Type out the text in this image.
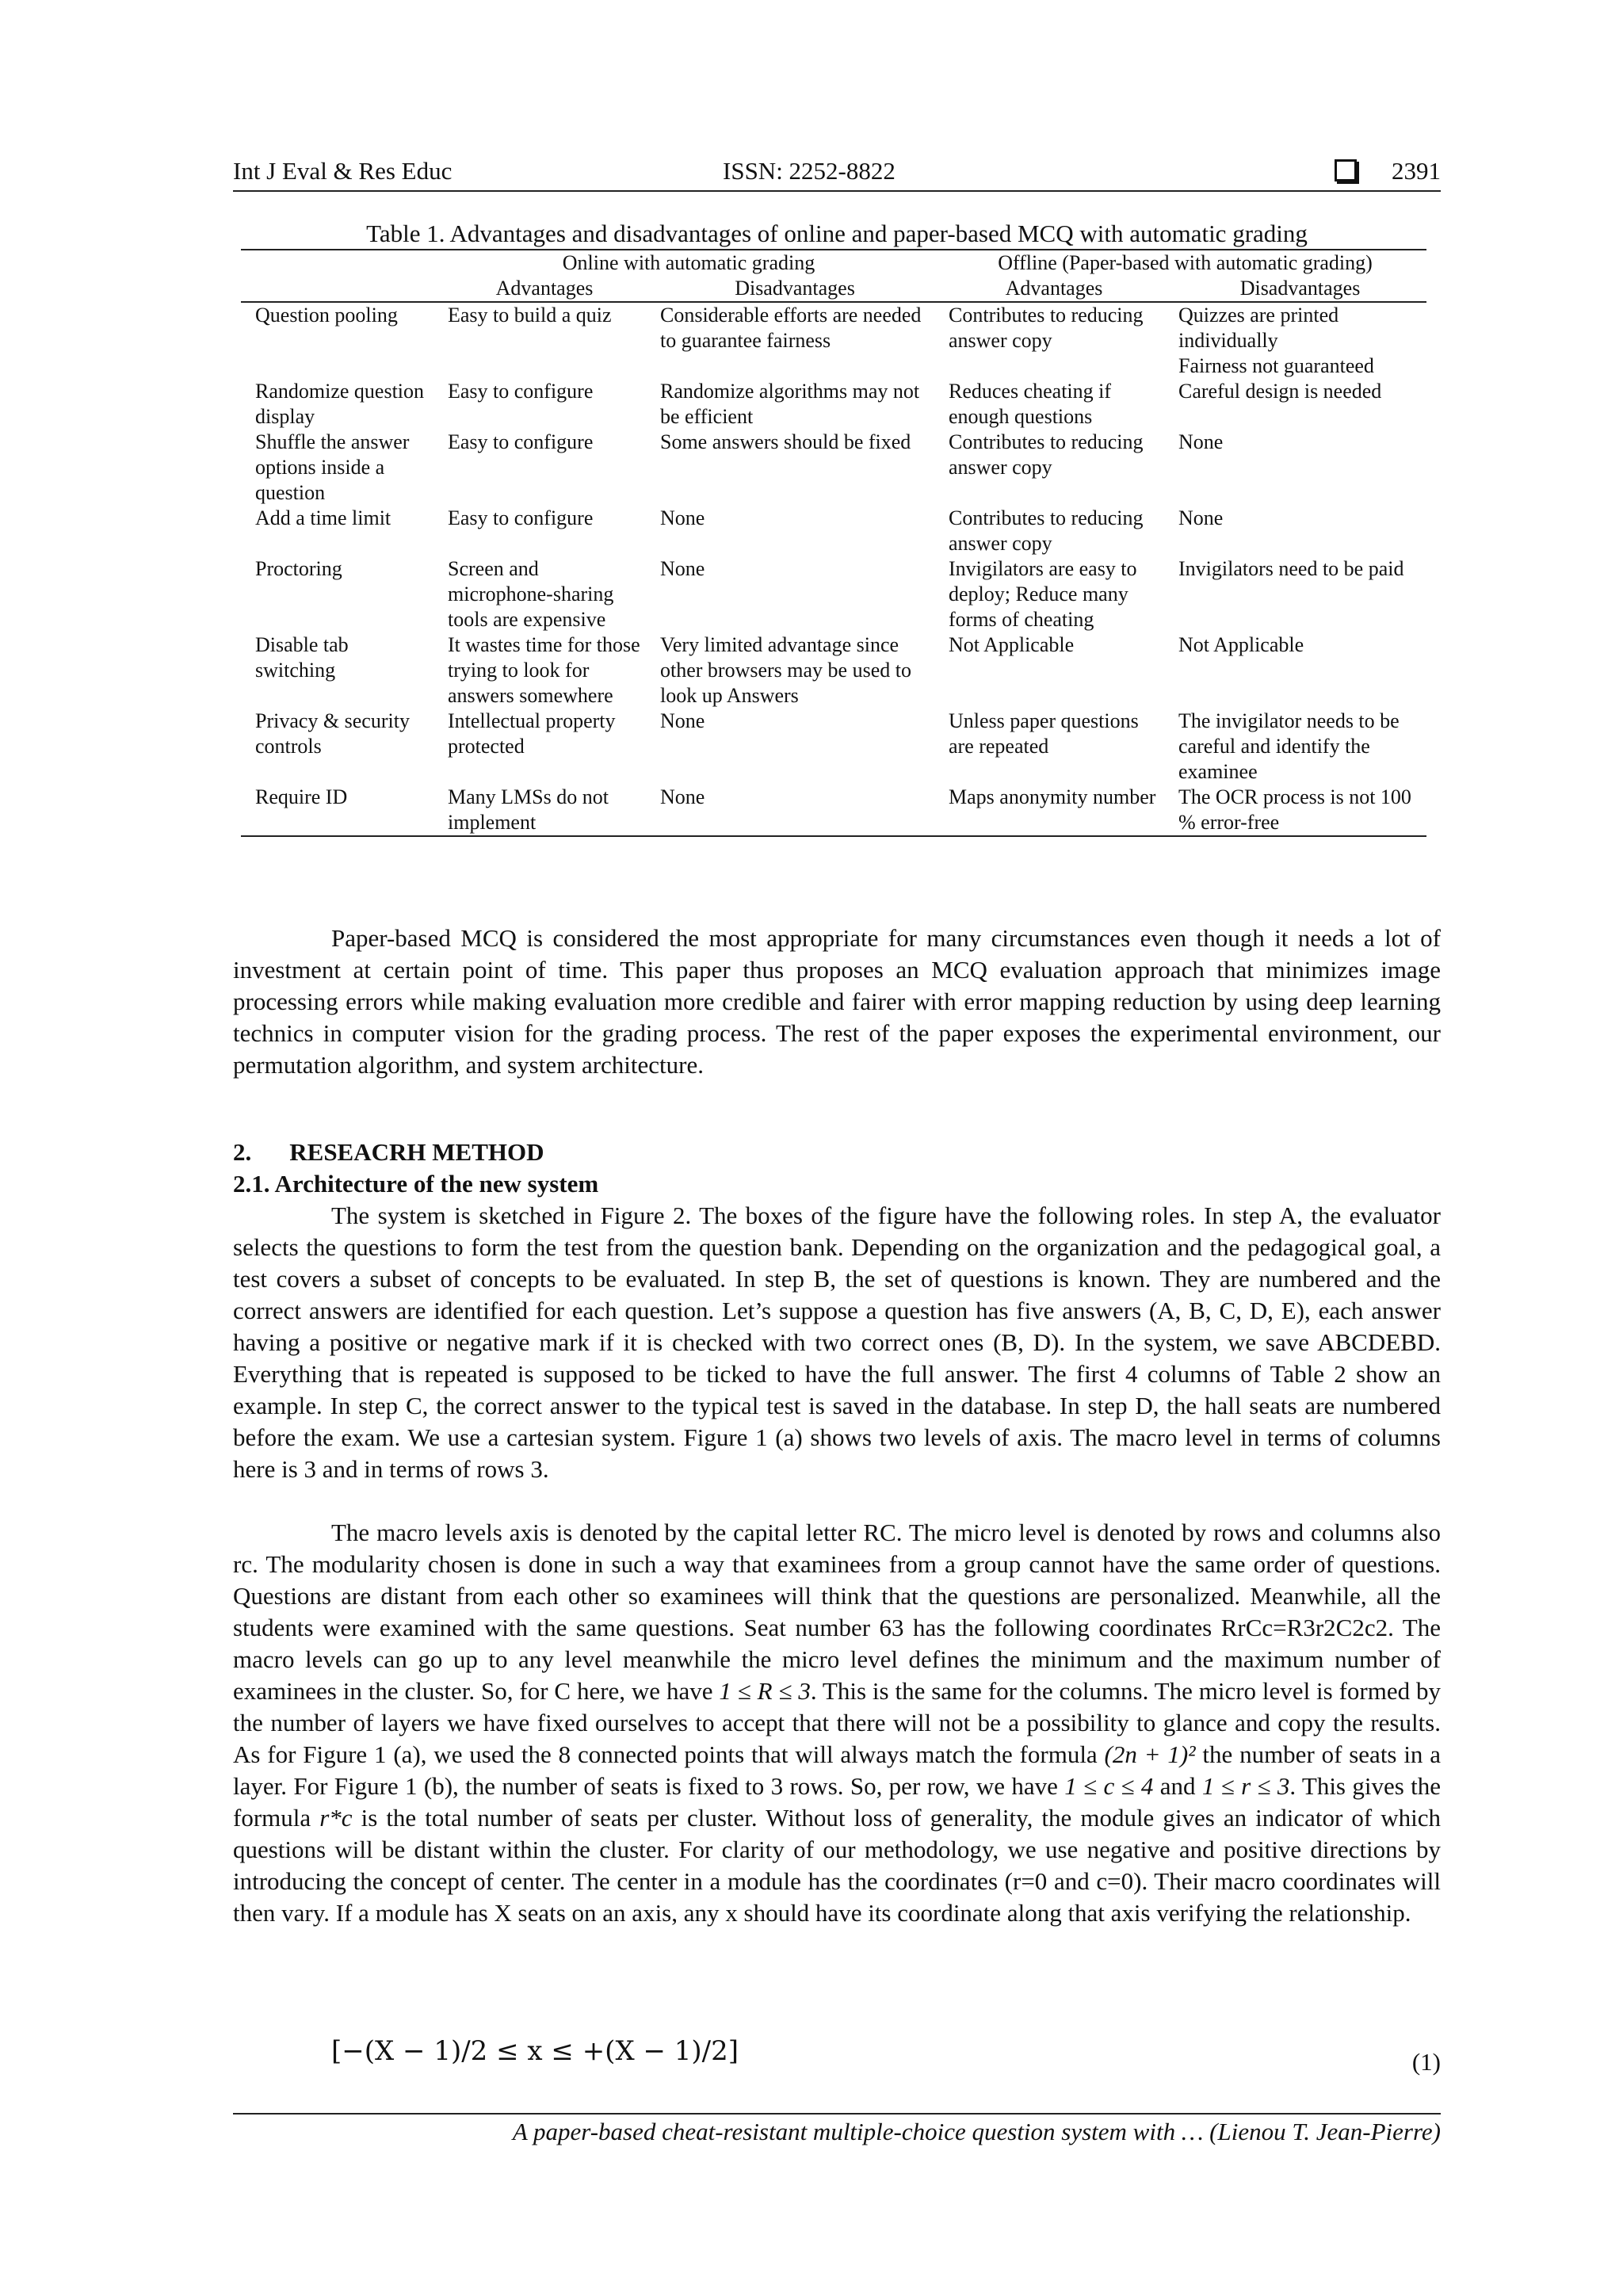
Int J Eval & Res Educ	ISSN: 2252-8822	2391
Table 1. Advantages and disadvantages of online and paper-based MCQ with automatic grading
	Online with automatic grading		Offline (Paper-based with automatic grading)	
	Advantages	Disadvantages	Advantages	Disadvantages
Question pooling	Easy to build a quiz	Considerable efforts are needed to guarantee fairness	Contributes to reducing answer copy	Quizzes are printed individually
Fairness not guaranteed
Randomize question display	Easy to configure	Randomize algorithms may not be efficient	Reduces cheating if enough questions	Careful design is needed
Shuffle the answer options inside a question	Easy to configure	Some answers should be fixed	Contributes to reducing answer copy	None
Add a time limit	Easy to configure	None	Contributes to reducing answer copy	None
Proctoring	Screen and microphone-sharing tools are expensive	None	Invigilators are easy to deploy; Reduce many forms of cheating	Invigilators need to be paid
Disable tab switching	It wastes time for those trying to look for answers somewhere	Very limited advantage since other browsers may be used to look up Answers	Not Applicable	Not Applicable
Privacy & security controls	Intellectual property protected	None	Unless paper questions are repeated	The invigilator needs to be careful and identify the examinee
Require ID	Many LMSs do not implement	None	Maps anonymity number	The OCR process is not 100 % error-free
Paper-based MCQ is considered the most appropriate for many circumstances even though it needs a lot of investment at certain point of time. This paper thus proposes an MCQ evaluation approach that minimizes image processing errors while making evaluation more credible and fairer with error mapping reduction by using deep learning technics in computer vision for the grading process. The rest of the paper exposes the experimental environment, our permutation algorithm, and system architecture.
2. RESEACRH METHOD
2.1. Architecture of the new system
The system is sketched in Figure 2. The boxes of the figure have the following roles. In step A, the evaluator selects the questions to form the test from the question bank. Depending on the organization and the pedagogical goal, a test covers a subset of concepts to be evaluated. In step B, the set of questions is known. They are numbered and the correct answers are identified for each question. Let’s suppose a question has five answers (A, B, C, D, E), each answer having a positive or negative mark if it is checked with two correct ones (B, D). In the system, we save ABCDEBD. Everything that is repeated is supposed to be ticked to have the full answer. The first 4 columns of Table 2 show an example. In step C, the correct answer to the typical test is saved in the database. In step D, the hall seats are numbered before the exam. We use a cartesian system. Figure 1 (a) shows two levels of axis. The macro level in terms of columns here is 3 and in terms of rows 3.
The macro levels axis is denoted by the capital letter RC. The micro level is denoted by rows and columns also rc. The modularity chosen is done in such a way that examinees from a group cannot have the same order of questions. Questions are distant from each other so examinees will think that the questions are personalized. Meanwhile, all the students were examined with the same questions. Seat number 63 has the following coordinates RrCc=R3r2C2c2. The macro levels can go up to any level meanwhile the micro level defines the minimum and the maximum number of examinees in the cluster. So, for C here, we have 1 ≤ R ≤ 3. This is the same for the columns. The micro level is formed by the number of layers we have fixed ourselves to accept that there will not be a possibility to glance and copy the results. As for Figure 1 (a), we used the 8 connected points that will always match the formula (2n + 1)² the number of seats in a layer. For Figure 1 (b), the number of seats is fixed to 3 rows. So, per row, we have 1 ≤ c ≤ 4 and 1 ≤ r ≤ 3. This gives the formula r*c is the total number of seats per cluster. Without loss of generality, the module gives an indicator of which questions will be distant within the cluster. For clarity of our methodology, we use negative and positive directions by introducing the concept of center. The center in a module has the coordinates (r=0 and c=0). Their macro coordinates will then vary. If a module has X seats on an axis, any x should have its coordinate along that axis verifying the relationship.
[−(X − 1)/2 ≤ x ≤ +(X − 1)/2]	(1)
A paper-based cheat-resistant multiple-choice question system with … (Lienou T. Jean-Pierre)
